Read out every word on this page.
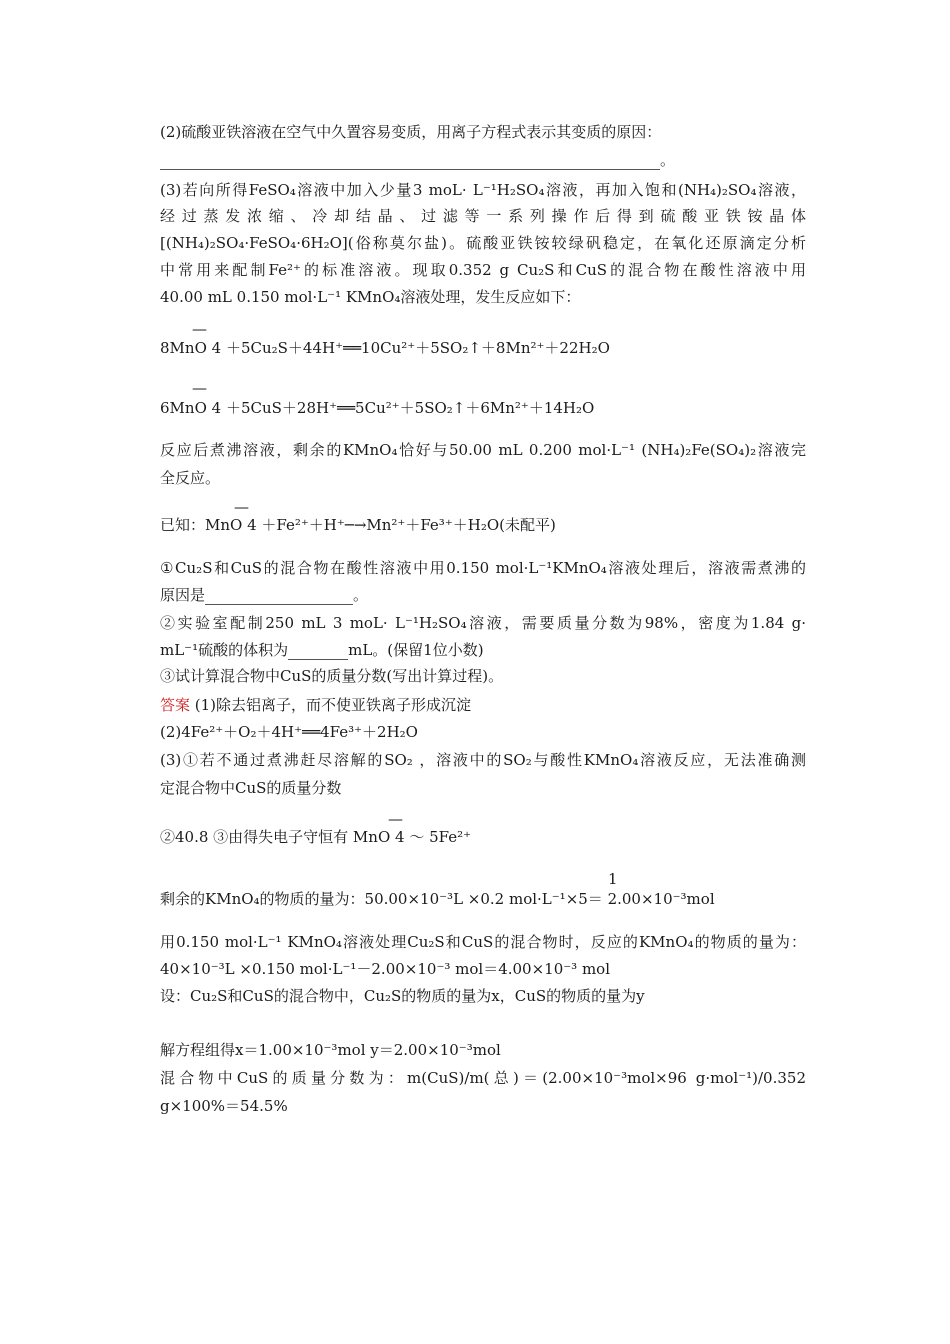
(2)硫酸亚铁溶液在空气中久置容易变质，用离子方程式表示其变质的原因：
。
(3)若向所得FeSO₄溶液中加入少量3 moL· L⁻¹H₂SO₄溶液，再加入饱和(NH₄)₂SO₄溶液，
经过蒸发浓缩、冷却结晶、过滤等一系列操作后得到硫酸亚铁铵晶体
[(NH₄)₂SO₄·FeSO₄·6H₂O](俗称莫尔盐)。硫酸亚铁铵较绿矾稳定，在氧化还原滴定分析
中常用来配制Fe²⁺的标准溶液。现取0.352 g Cu₂S和CuS的混合物在酸性溶液中用
40.00 mL 0.150 mol·L⁻¹ KMnO₄溶液处理，发生反应如下：
—
8MnO 4 ＋5Cu₂S＋44H⁺══10Cu²⁺＋5SO₂↑＋8Mn²⁺＋22H₂O
—
6MnO 4 ＋5CuS＋28H⁺══5Cu²⁺＋5SO₂↑＋6Mn²⁺＋14H₂O
反应后煮沸溶液，剩余的KMnO₄恰好与50.00 mL 0.200 mol·L⁻¹ (NH₄)₂Fe(SO₄)₂溶液完
全反应。
—
已知：MnO 4 ＋Fe²⁺＋H⁺─→Mn²⁺＋Fe³⁺＋H₂O(未配平)
①Cu₂S和CuS的混合物在酸性溶液中用0.150 mol·L⁻¹KMnO₄溶液处理后，溶液需煮沸的
原因是	。
②实验室配制250 mL 3 moL· L⁻¹H₂SO₄溶液，需要质量分数为98%，密度为1.84 g·
mL⁻¹硫酸的体积为	mL。(保留1位小数)
③试计算混合物中CuS的质量分数(写出计算过程)。
答案 (1)除去铝离子，而不使亚铁离子形成沉淀
(2)4Fe²⁺＋O₂＋4H⁺══4Fe³⁺＋2H₂O
(3)①若不通过煮沸赶尽溶解的SO₂ ，溶液中的SO₂与酸性KMnO₄溶液反应，无法准确测
定混合物中CuS的质量分数
—
②40.8 ③由得失电子守恒有 MnO 4 ～ 5Fe²⁺
1
剩余的KMnO₄的物质的量为：50.00×10⁻³L ×0.2 mol·L⁻¹×5＝ 2.00×10⁻³mol
用0.150 mol·L⁻¹ KMnO₄溶液处理Cu₂S和CuS的混合物时，反应的KMnO₄的物质的量为：
40×10⁻³L ×0.150 mol·L⁻¹－2.00×10⁻³ mol＝4.00×10⁻³ mol
设：Cu₂S和CuS的混合物中，Cu₂S的物质的量为x，CuS的物质的量为y
解方程组得x＝1.00×10⁻³mol y＝2.00×10⁻³mol
混合物中CuS的质量分数为：m(CuS)/m(总)＝(2.00×10⁻³mol×96 g·mol⁻¹)/0.352
g×100%＝54.5%
